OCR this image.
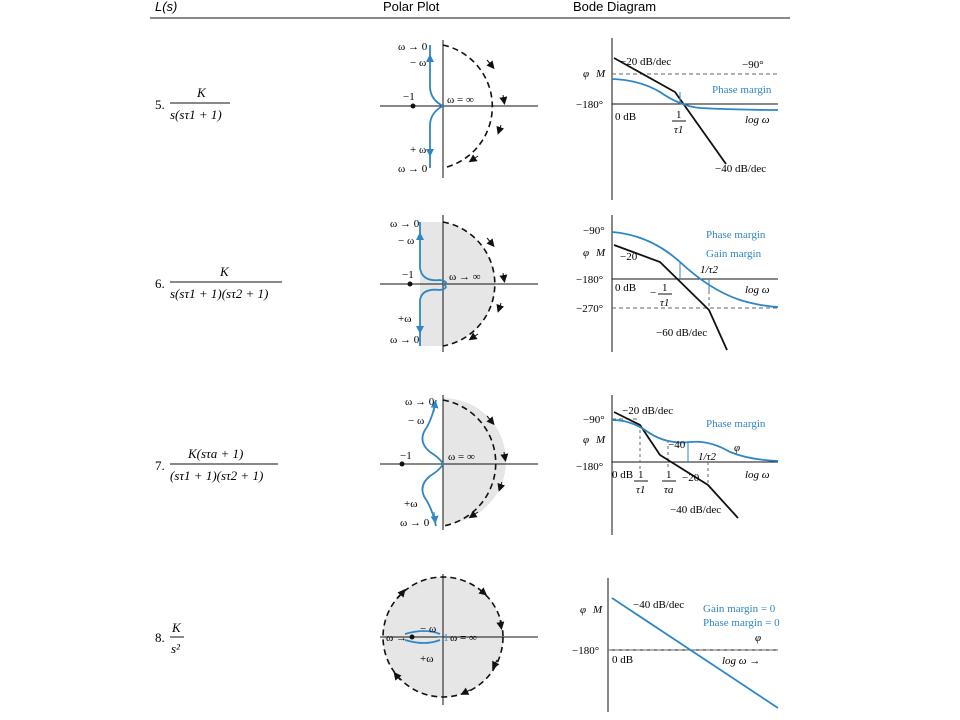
L(s)	Polar Plot	Bode Diagram
5.
K
s(sτ1 + 1)
ω → 0
− ω
−1	ω = ∞
+ ω
ω → 0
−20 dB/dec
φ M
−90°
−180°
Phase margin
0 dB	1
τ1
log ω
−40 dB/dec
6.
K
s(sτ1 + 1)(sτ2 + 1)
ω → 0
− ω
−1	ω → ∞
+ω
ω → 0
−90°
φ M −20
−180°
Phase margin
Gain margin
1/τ2
0 dB − 1
τ1
log ω
−270°
−60 dB/dec
7.
K(sτa + 1)
(sτ1 + 1)(sτ2 + 1)
ω → 0
− ω
−1	ω = ∞
+ω
ω → 0
−20 dB/dec
−90°
φ M	−40
Phase margin
φ
1/τ2
−180°
0 dB 1
τ1
1
τa
−20	log ω
−40 dB/dec
8.
K
s²
ω →
− ω
−1 ω = ∞
+ω
φ M	−40 dB/dec Gain margin = 0
Phase margin = 0
φ
−180°
0 dB	log ω →
